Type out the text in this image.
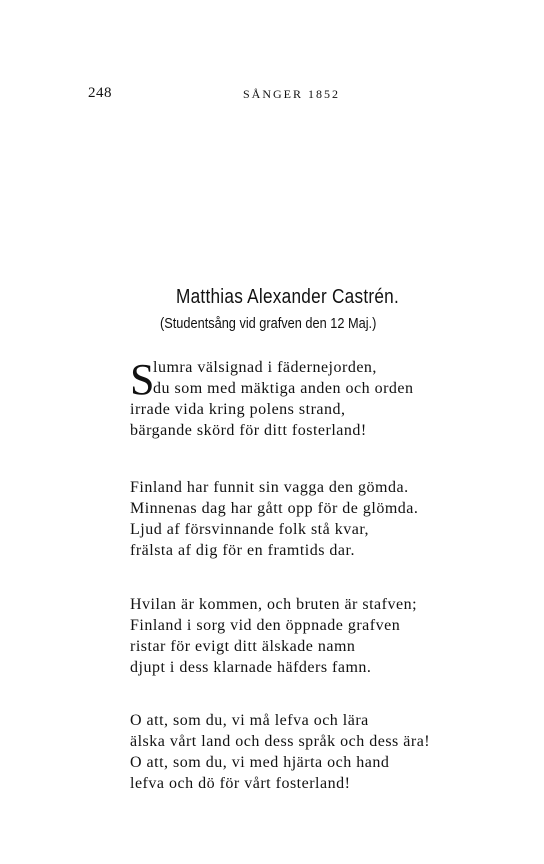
248	SÅNGER 1852
Matthias Alexander Castrén.
(Studentsång vid grafven den 12 Maj.)
S
lumra välsignad i fädernejorden,
du som med mäktiga anden och orden
irrade vida kring polens strand,
bärgande skörd för ditt fosterland!
Finland har funnit sin vagga den gömda.
Minnenas dag har gått opp för de glömda.
Ljud af försvinnande folk stå kvar,
frälsta af dig för en framtids dar.
Hvilan är kommen, och bruten är stafven;
Finland i sorg vid den öppnade grafven
ristar för evigt ditt älskade namn
djupt i dess klarnade häfders famn.
O att, som du, vi må lefva och lära
älska vårt land och dess språk och dess ära!
O att, som du, vi med hjärta och hand
lefva och dö för vårt fosterland!
